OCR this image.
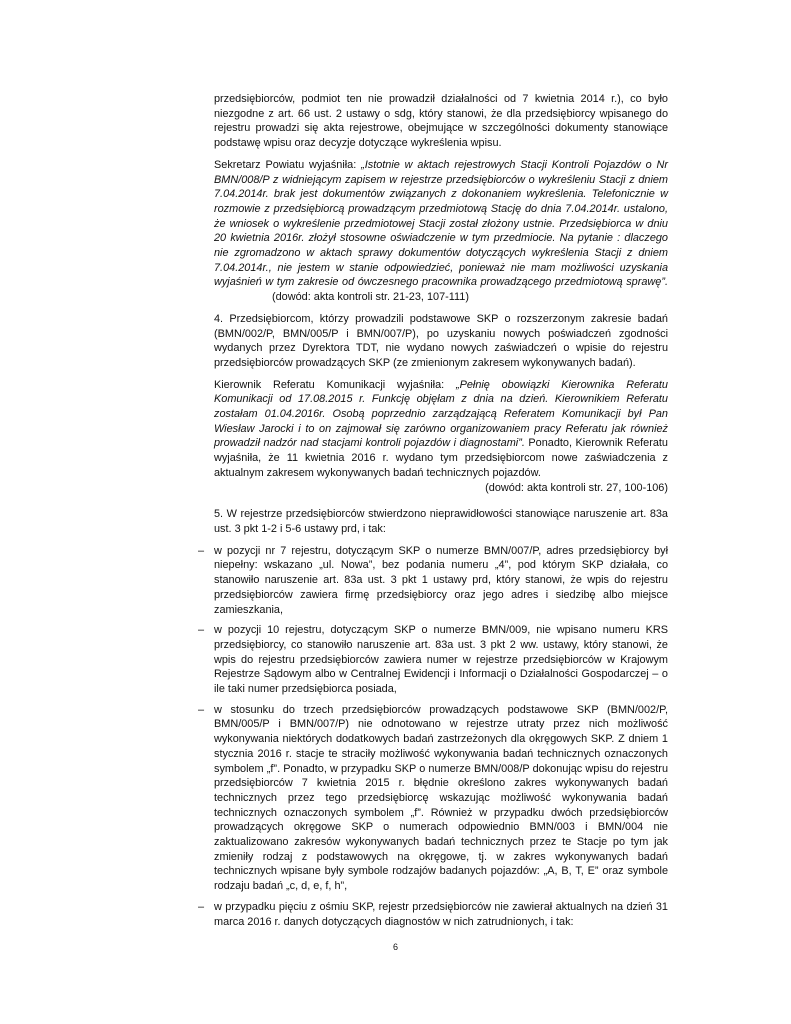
przedsiębiorców, podmiot ten nie prowadził działalności od 7 kwietnia 2014 r.), co było niezgodne z art. 66 ust. 2 ustawy o sdg, który stanowi, że dla przedsiębiorcy wpisanego do rejestru prowadzi się akta rejestrowe, obejmujące w szczególności dokumenty stanowiące podstawę wpisu oraz decyzje dotyczące wykreślenia wpisu.

Sekretarz Powiatu wyjaśniła: „Istotnie w aktach rejestrowych Stacji Kontroli Pojazdów o Nr BMN/008/P z widniejącym zapisem w rejestrze przedsiębiorców o wykreśleniu Stacji z dniem 7.04.2014r. brak jest dokumentów związanych z dokonaniem wykreślenia. Telefonicznie w rozmowie z przedsiębiorcą prowadzącym przedmiotową Stację do dnia 7.04.2014r. ustalono, że wniosek o wykreślenie przedmiotowej Stacji został złożony ustnie. Przedsiębiorca w dniu 20 kwietnia 2016r. złożył stosowne oświadczenie w tym przedmiocie. Na pytanie : dlaczego nie zgromadzono w aktach sprawy dokumentów dotyczących wykreślenia Stacji z dniem 7.04.2014r., nie jestem w stanie odpowiedzieć, ponieważ nie mam możliwości uzyskania wyjaśnień w tym zakresie od ówczesnego pracownika prowadzącego przedmiotową sprawę”. (dowód: akta kontroli str. 21-23, 107-111)

4. Przedsiębiorcom, którzy prowadzili podstawowe SKP o rozszerzonym zakresie badań (BMN/002/P, BMN/005/P i BMN/007/P), po uzyskaniu nowych poświadczeń zgodności wydanych przez Dyrektora TDT, nie wydano nowych zaświadczeń o wpisie do rejestru przedsiębiorców prowadzących SKP (ze zmienionym zakresem wykonywanych badań).

Kierownik Referatu Komunikacji wyjaśniła: „Pełnię obowiązki Kierownika Referatu Komunikacji od 17.08.2015 r. Funkcję objęłam z dnia na dzień. Kierownikiem Referatu zostałam 01.04.2016r. Osobą poprzednio zarządzającą Referatem Komunikacji był Pan Wiesław Jarocki i to on zajmował się zarówno organizowaniem pracy Referatu jak również prowadził nadzór nad stacjami kontroli pojazdów i diagnostami”. Ponadto, Kierownik Referatu wyjaśniła, że 11 kwietnia 2016 r. wydano tym przedsiębiorcom nowe zaświadczenia z aktualnym zakresem wykonywanych badań technicznych pojazdów.

(dowód: akta kontroli str. 27, 100-106)

5. W rejestrze przedsiębiorców stwierdzono nieprawidłowości stanowiące naruszenie art. 83a ust. 3 pkt 1-2 i 5-6 ustawy prd, i tak:

– w pozycji nr 7 rejestru, dotyczącym SKP o numerze BMN/007/P, adres przedsiębiorcy był niepełny: wskazano „ul. Nowa”, bez podania numeru „4”, pod którym SKP działała, co stanowiło naruszenie art. 83a ust. 3 pkt 1 ustawy prd, który stanowi, że wpis do rejestru przedsiębiorców zawiera firmę przedsiębiorcy oraz jego adres i siedzibę albo miejsce zamieszkania,
– w pozycji 10 rejestru, dotyczącym SKP o numerze BMN/009, nie wpisano numeru KRS przedsiębiorcy, co stanowiło naruszenie art. 83a ust. 3 pkt 2 ww. ustawy, który stanowi, że wpis do rejestru przedsiębiorców zawiera numer w rejestrze przedsiębiorców w Krajowym Rejestrze Sądowym albo w Centralnej Ewidencji i Informacji o Działalności Gospodarczej – o ile taki numer przedsiębiorca posiada,
– w stosunku do trzech przedsiębiorców prowadzących podstawowe SKP (BMN/002/P, BMN/005/P i BMN/007/P) nie odnotowano w rejestrze utraty przez nich możliwość wykonywania niektórych dodatkowych badań zastrzeżonych dla okręgowych SKP. Z dniem 1 stycznia 2016 r. stacje te straciły możliwość wykonywania badań technicznych oznaczonych symbolem „f”. Ponadto, w przypadku SKP o numerze BMN/008/P dokonując wpisu do rejestru przedsiębiorców 7 kwietnia 2015 r. błędnie określono zakres wykonywanych badań technicznych przez tego przedsiębiorcę wskazując możliwość wykonywania badań technicznych oznaczonych symbolem „f”. Również w przypadku dwóch przedsiębiorców prowadzących okręgowe SKP o numerach odpowiednio BMN/003 i BMN/004 nie zaktualizowano zakresów wykonywanych badań technicznych przez te Stacje po tym jak zmieniły rodzaj z podstawowych na okręgowe, tj. w zakres wykonywanych badań technicznych wpisane były symbole rodzajów badanych pojazdów: „A, B, T, E” oraz symbole rodzaju badań „c, d, e, f, h”,
– w przypadku pięciu z ośmiu SKP, rejestr przedsiębiorców nie zawierał aktualnych na dzień 31 marca 2016 r. danych dotyczących diagnostów w nich zatrudnionych, i tak:
6
